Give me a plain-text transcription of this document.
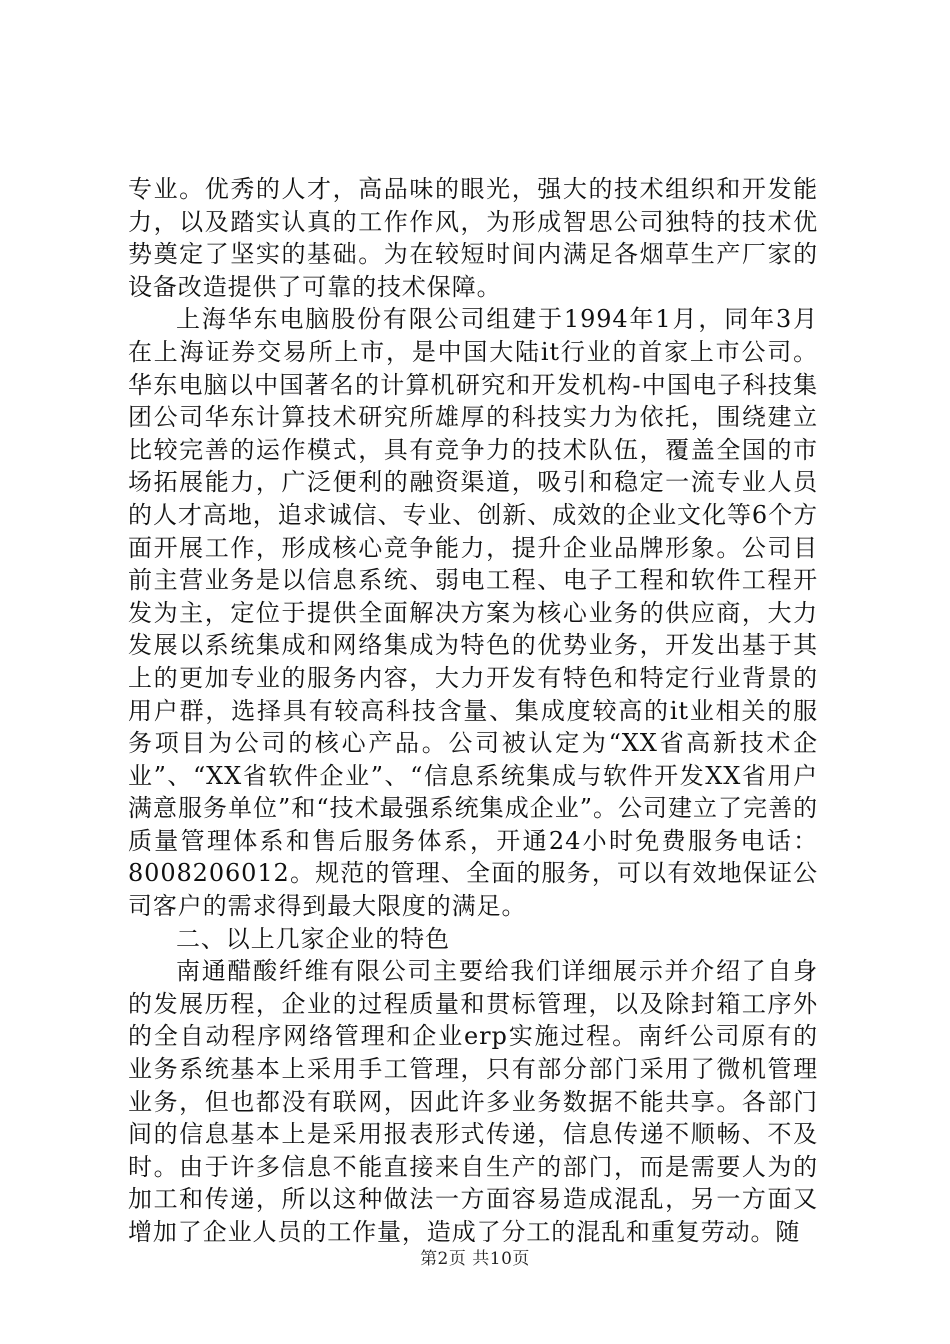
专业。优秀的人才，高品味的眼光，强大的技术组织和开发能力，以及踏实认真的工作作风，为形成智思公司独特的技术优势奠定了坚实的基础。为在较短时间内满足各烟草生产厂家的设备改造提供了可靠的技术保障。

上海华东电脑股份有限公司组建于1994年1月，同年3月在上海证券交易所上市，是中国大陆it行业的首家上市公司。华东电脑以中国著名的计算机研究和开发机构-中国电子科技集团公司华东计算技术研究所雄厚的科技实力为依托，围绕建立比较完善的运作模式，具有竞争力的技术队伍，覆盖全国的市场拓展能力，广泛便利的融资渠道，吸引和稳定一流专业人员的人才高地，追求诚信、专业、创新、成效的企业文化等6个方面开展工作，形成核心竞争能力，提升企业品牌形象。公司目前主营业务是以信息系统、弱电工程、电子工程和软件工程开发为主，定位于提供全面解决方案为核心业务的供应商，大力发展以系统集成和网络集成为特色的优势业务，开发出基于其上的更加专业的服务内容，大力开发有特色和特定行业背景的用户群，选择具有较高科技含量、集成度较高的it业相关的服务项目为公司的核心产品。公司被认定为“XX省高新技术企业”、“XX省软件企业”、“信息系统集成与软件开发XX省用户满意服务单位”和“技术最强系统集成企业”。公司建立了完善的质量管理体系和售后服务体系，开通24小时免费服务电话：8008206012。规范的管理、全面的服务，可以有效地保证公司客户的需求得到最大限度的满足。

二、以上几家企业的特色

南通醋酸纤维有限公司主要给我们详细展示并介绍了自身的发展历程，企业的过程质量和贯标管理，以及除封箱工序外的全自动程序网络管理和企业erp实施过程。南纤公司原有的业务系统基本上采用手工管理，只有部分部门采用了微机管理业务，但也都没有联网，因此许多业务数据不能共享。各部门间的信息基本上是采用报表形式传递，信息传递不顺畅、不及时。由于许多信息不能直接来自生产的部门，而是需要人为的加工和传递，所以这种做法一方面容易造成混乱，另一方面又增加了企业人员的工作量，造成了分工的混乱和重复劳动。随

第2页 共10页
